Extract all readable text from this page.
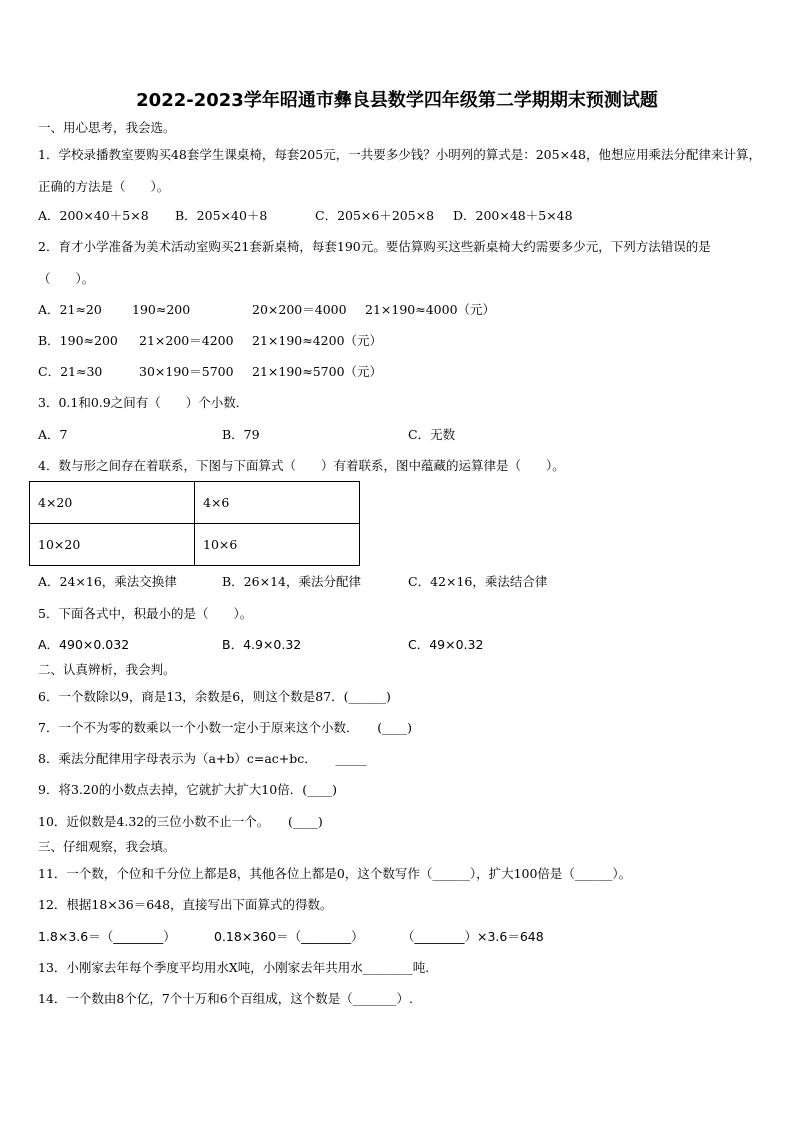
2022-2023学年昭通市彝良县数学四年级第二学期期末预测试题
一、用心思考，我会选。
1．学校录播教室要购买48套学生课桌椅，每套205元，一共要多少钱？小明列的算式是：205×48，他想应用乘法分配律来计算，正确的方法是（　　）。
A．200×40＋5×8 B．205×40＋8	C．205×6＋205×8 D．200×48＋5×48
2．育才小学准备为美术活动室购买21套新桌椅，每套190元。要估算购买这些新桌椅大约需要多少元，下列方法错误的是（　　）。
A．21≈20 190≈200	20×200＝4000 21×190≈4000（元）
B．190≈200 21×200＝4200 21×190≈4200（元）
C．21≈30	30×190＝5700 21×190≈5700（元）
3．0.1和0.9之间有（　　）个小数．
A．7	B．79	C．无数
4．数与形之间存在着联系，下图与下面算式（　　）有着联系，图中蕴藏的运算律是（　　）。
4×20	4×6
10×20	10×6
A．24×16，乘法交换律	B．26×14，乘法分配律	C．42×16，乘法结合律
5．下面各式中，积最小的是（　　）。
A．490×0.032	B．4.9×0.32	C．49×0.32
二、认真辨析，我会判。
6．一个数除以9，商是13，余数是6，则这个数是87．(______)
7．一个不为零的数乘以一个小数一定小于原来这个小数．　　(____)
8．乘法分配律用字母表示为（a+b）c=ac+bc．　　_____
9．将3.20的小数点去掉，它就扩大扩大10倍．(____)
10．近似数是4.32的三位小数不止一个。　　(____)
三、仔细观察，我会填。
11．一个数，个位和千分位上都是8，其他各位上都是0，这个数写作（______），扩大100倍是（______）。
12．根据18×36＝648，直接写出下面算式的得数。
1.8×3.6＝（________）	0.18×360＝（________）	（________）×3.6＝648
13．小刚家去年每个季度平均用水X吨，小刚家去年共用水________吨.
14．一个数由8个亿，7个十万和6个百组成，这个数是（_______）.
